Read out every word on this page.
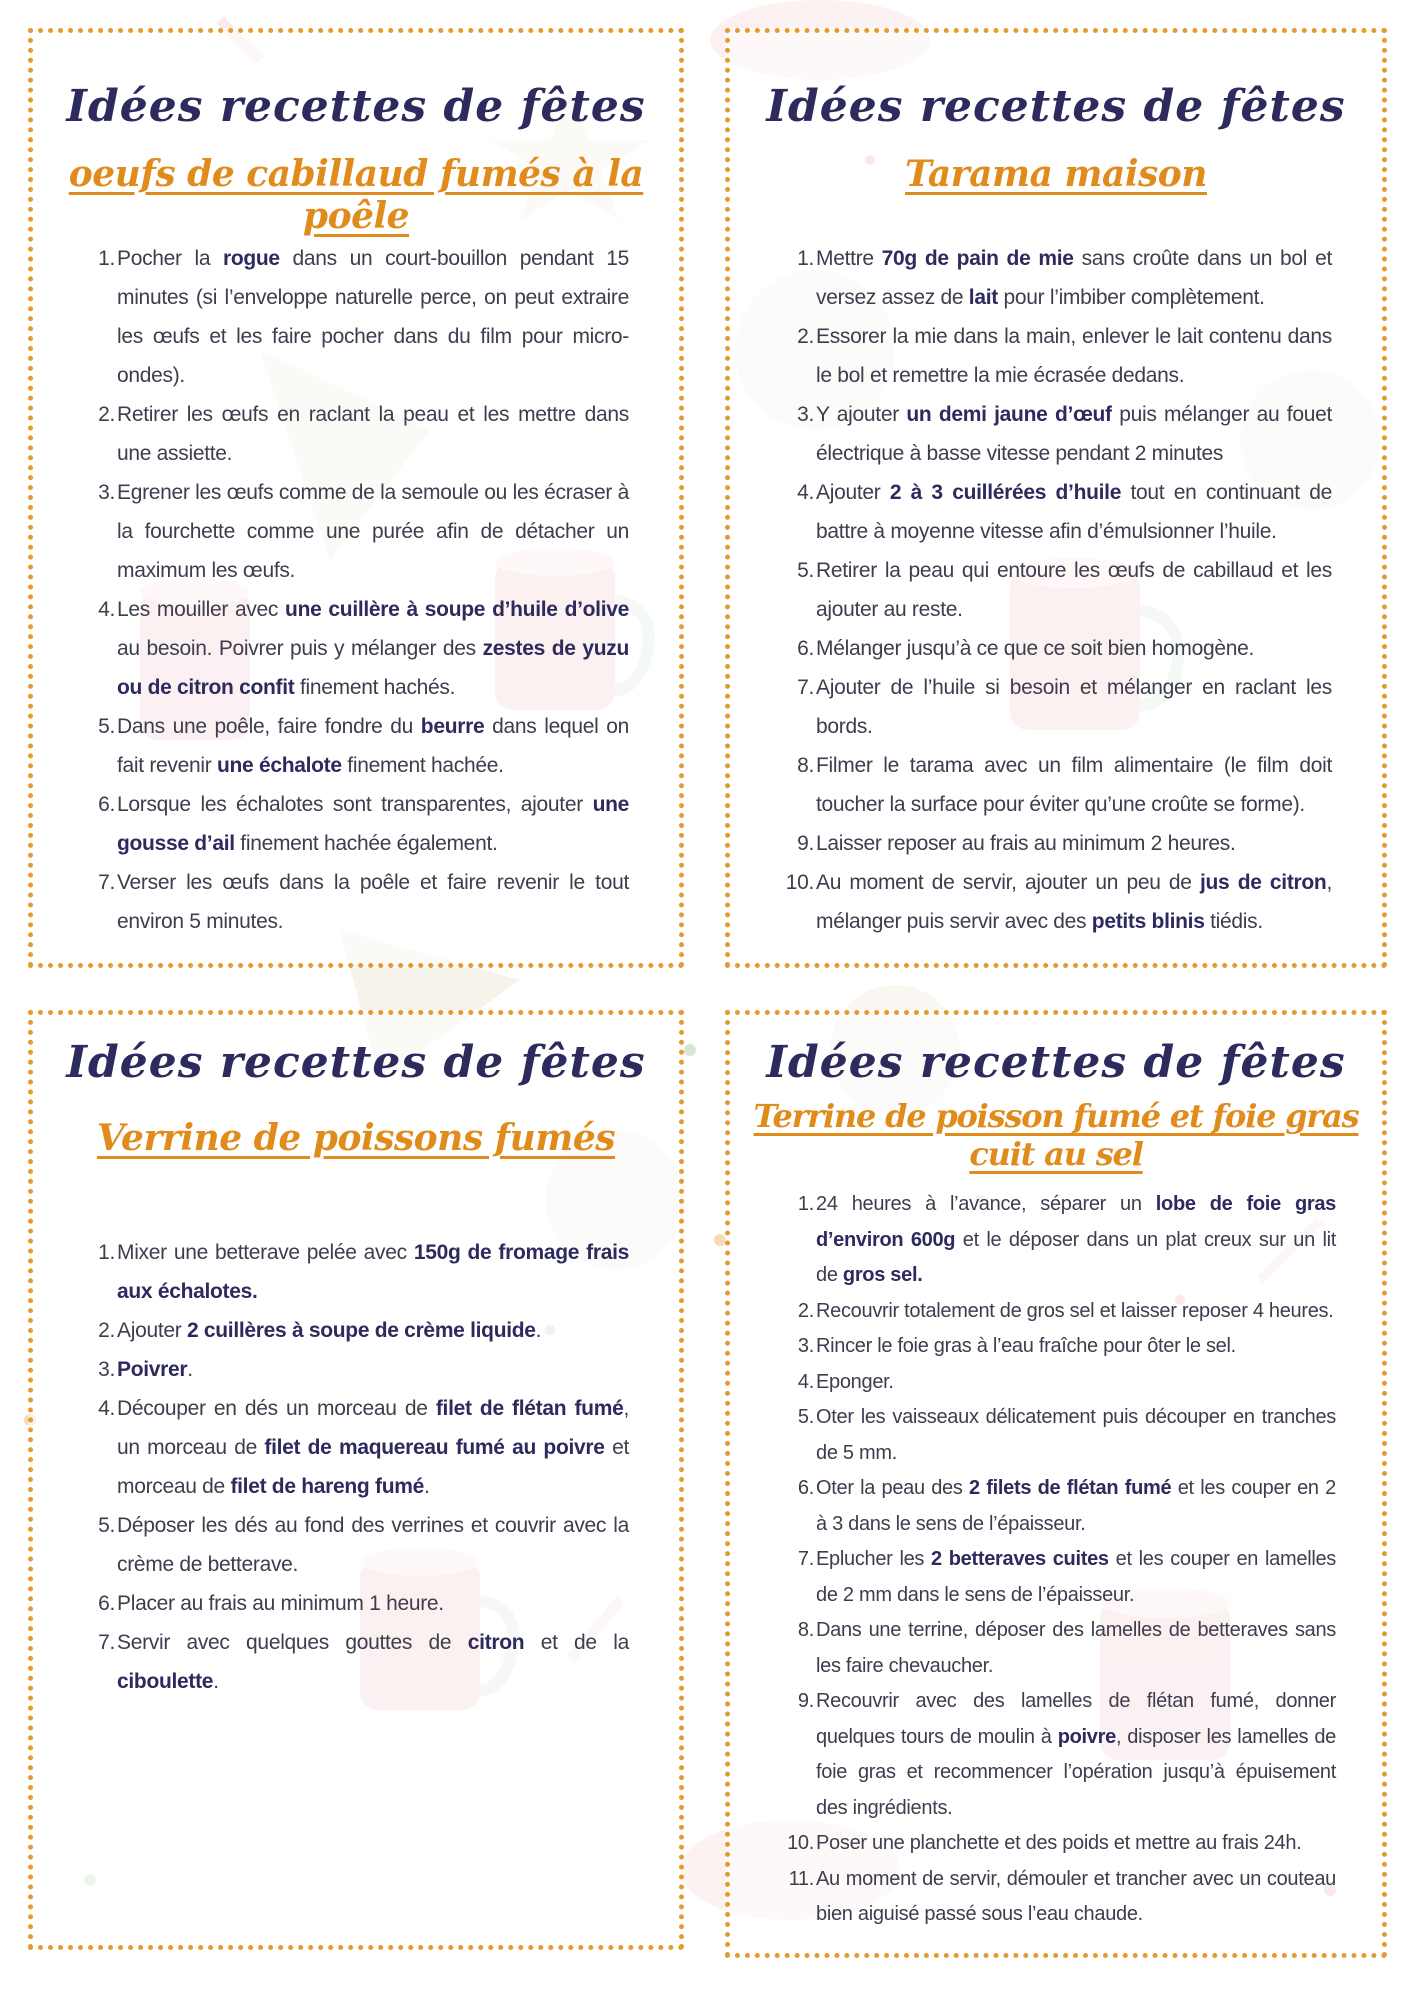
Idées recettes de fêtes
oeufs de cabillaud fumés à la poêle
1. Pocher la rogue dans un court-bouillon pendant 15 minutes (si l’enveloppe naturelle perce, on peut extraire les œufs et les faire pocher dans du film pour micro-ondes).
2. Retirer les œufs en raclant la peau et les mettre dans une assiette.
3. Egrener les œufs comme de la semoule ou les écraser à la fourchette comme une purée afin de détacher un maximum les œufs.
4. Les mouiller avec une cuillère à soupe d’huile d’olive au besoin. Poivrer puis y mélanger des zestes de yuzu ou de citron confit finement hachés.
5. Dans une poêle, faire fondre du beurre dans lequel on fait revenir une échalote finement hachée.
6. Lorsque les échalotes sont transparentes, ajouter une gousse d’ail finement hachée également.
7. Verser les œufs dans la poêle et faire revenir le tout environ 5 minutes.
Idées recettes de fêtes
Tarama maison
1. Mettre 70g de pain de mie sans croûte dans un bol et versez assez de lait pour l’imbiber complètement.
2. Essorer la mie dans la main, enlever le lait contenu dans le bol et remettre la mie écrasée dedans.
3. Y ajouter un demi jaune d’œuf puis mélanger au fouet électrique à basse vitesse pendant 2 minutes
4. Ajouter 2 à 3 cuillérées d’huile tout en continuant de battre à moyenne vitesse afin d’émulsionner l’huile.
5. Retirer la peau qui entoure les œufs de cabillaud et les ajouter au reste.
6. Mélanger jusqu’à ce que ce soit bien homogène.
7. Ajouter de l’huile si besoin et mélanger en raclant les bords.
8. Filmer le tarama avec un film alimentaire (le film doit toucher la surface pour éviter qu’une croûte se forme).
9. Laisser reposer au frais au minimum 2 heures.
10. Au moment de servir, ajouter un peu de jus de citron, mélanger puis servir avec des petits blinis tiédis.
Idées recettes de fêtes
Verrine de poissons fumés
1. Mixer une betterave pelée avec 150g de fromage frais aux échalotes.
2. Ajouter 2 cuillères à soupe de crème liquide.
3. Poivrer.
4. Découper en dés un morceau de filet de flétan fumé, un morceau de filet de maquereau fumé au poivre et morceau de filet de hareng fumé.
5. Déposer les dés au fond des verrines et couvrir avec la crème de betterave.
6. Placer au frais au minimum 1 heure.
7. Servir avec quelques gouttes de citron et de la ciboulette.
Idées recettes de fêtes
Terrine de poisson fumé et foie gras cuit au sel
1. 24 heures à l’avance, séparer un lobe de foie gras d’environ 600g et le déposer dans un plat creux sur un lit de gros sel.
2. Recouvrir totalement de gros sel et laisser reposer 4 heures.
3. Rincer le foie gras à l’eau fraîche pour ôter le sel.
4. Eponger.
5. Oter les vaisseaux délicatement puis découper en tranches de 5 mm.
6. Oter la peau des 2 filets de flétan fumé et les couper en 2 à 3 dans le sens de l’épaisseur.
7. Eplucher les 2 betteraves cuites et les couper en lamelles de 2 mm dans le sens de l’épaisseur.
8. Dans une terrine, déposer des lamelles de betteraves sans les faire chevaucher.
9. Recouvrir avec des lamelles de flétan fumé, donner quelques tours de moulin à poivre, disposer les lamelles de foie gras et recommencer l’opération jusqu’à épuisement des ingrédients.
10. Poser une planchette et des poids et mettre au frais 24h.
11. Au moment de servir, démouler et trancher avec un couteau bien aiguisé passé sous l’eau chaude.
